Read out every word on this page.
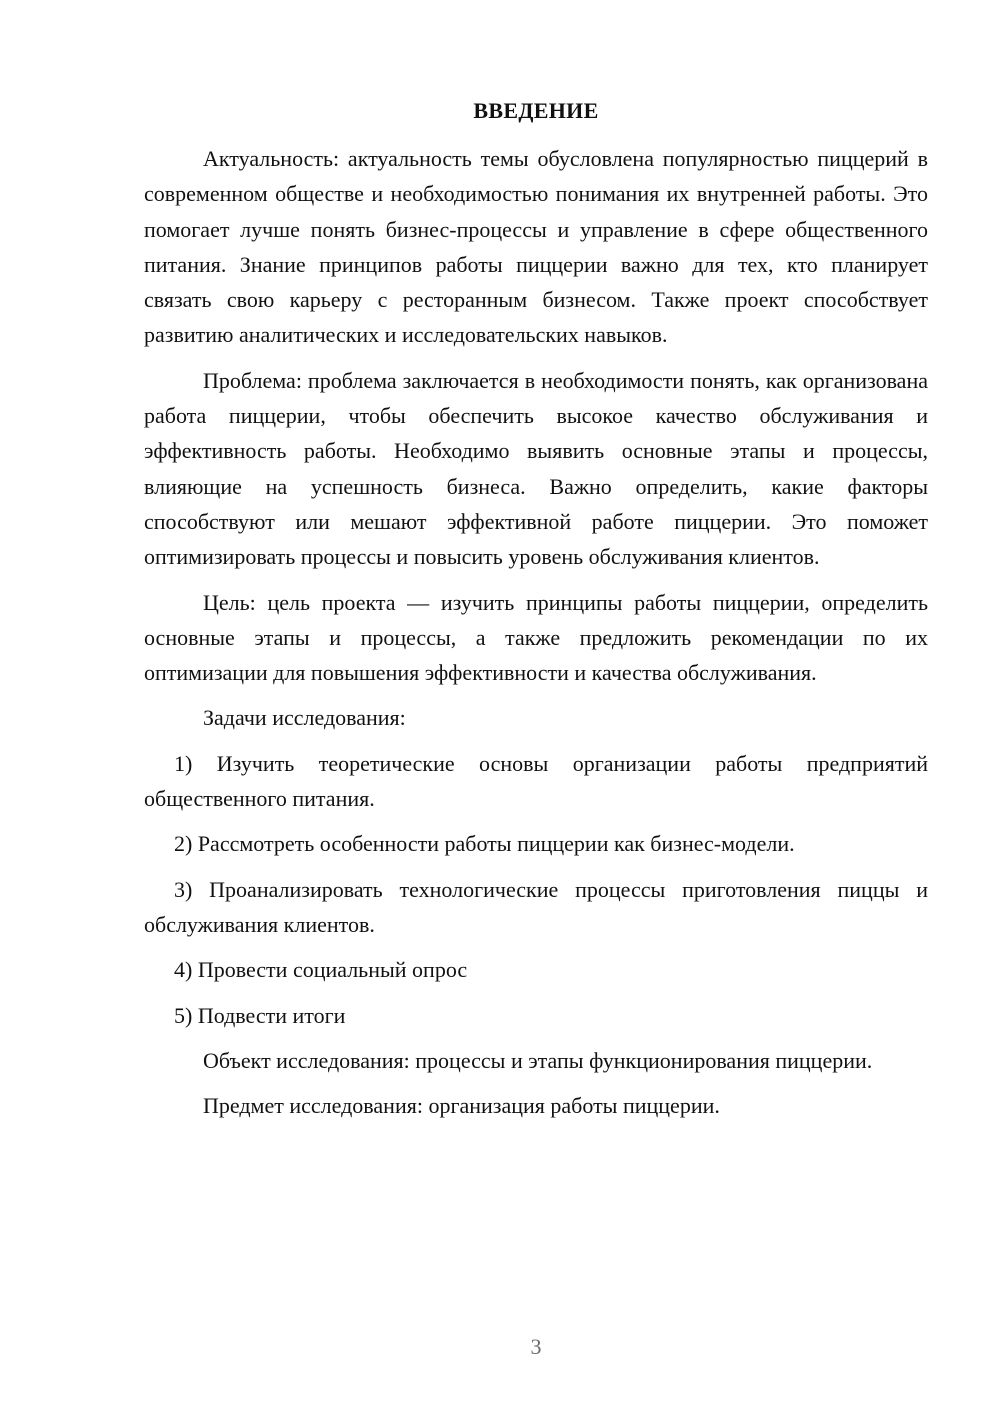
ВВЕДЕНИЕ

Актуальность: актуальность темы обусловлена популярностью пиццерий в современном обществе и необходимостью понимания их внутренней работы. Это помогает лучше понять бизнес-процессы и управление в сфере общественного питания. Знание принципов работы пиццерии важно для тех, кто планирует связать свою карьеру с ресторанным бизнесом. Также проект способствует развитию аналитических и исследовательских навыков.

Проблема: проблема заключается в необходимости понять, как организована работа пиццерии, чтобы обеспечить высокое качество обслуживания и эффективность работы. Необходимо выявить основные этапы и процессы, влияющие на успешность бизнеса. Важно определить, какие факторы способствуют или мешают эффективной работе пиццерии. Это поможет оптимизировать процессы и повысить уровень обслуживания клиентов.

Цель: цель проекта — изучить принципы работы пиццерии, определить основные этапы и процессы, а также предложить рекомендации по их оптимизации для повышения эффективности и качества обслуживания.

Задачи исследования:

1) Изучить теоретические основы организации работы предприятий общественного питания.

2) Рассмотреть особенности работы пиццерии как бизнес-модели.

3) Проанализировать технологические процессы приготовления пиццы и обслуживания клиентов.

4) Провести социальный опрос

5) Подвести итоги

Объект исследования: процессы и этапы функционирования пиццерии.

Предмет исследования: организация работы пиццерии.

3
